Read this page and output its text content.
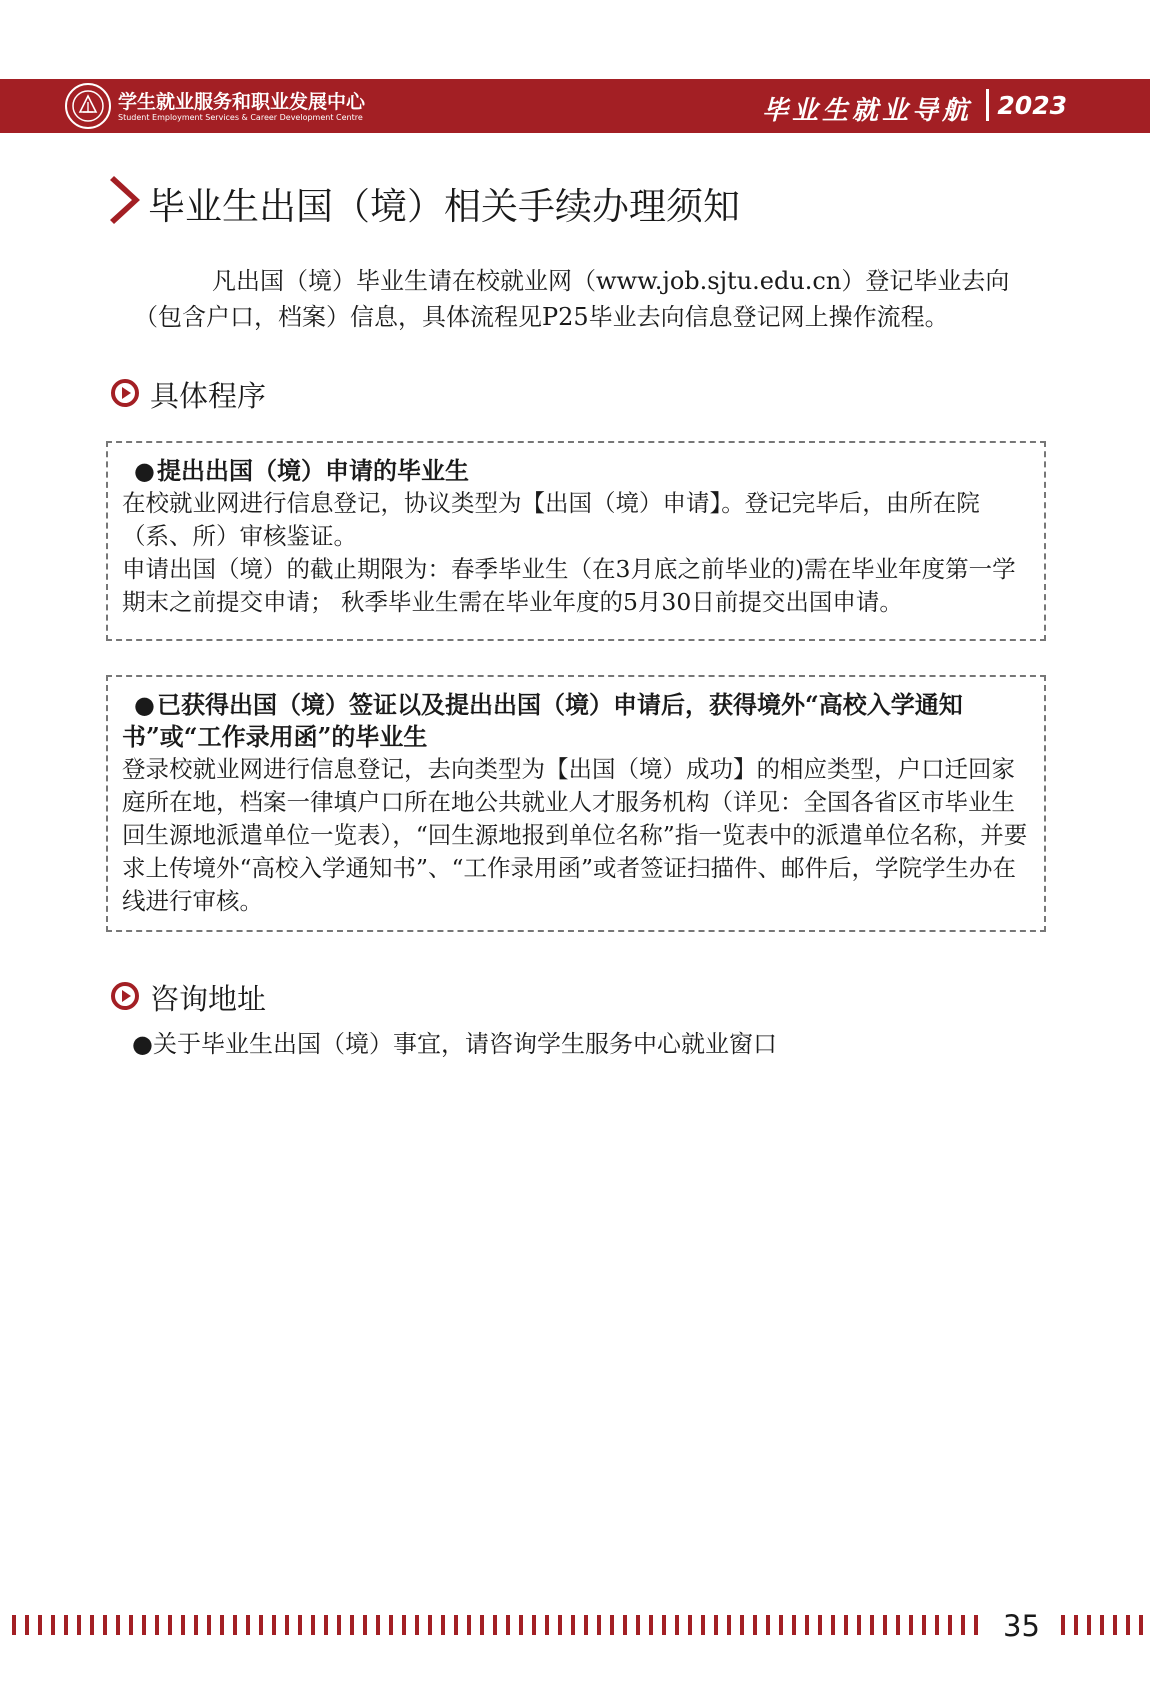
学生就业服务和职业发展中心
Student Employment Services & Career Development Centre	毕业生就业导航 2023
毕业生出国（境）相关手续办理须知

凡出国（境）毕业生请在校就业网（www.job.sjtu.edu.cn）登记毕业去向（包含户口，档案）信息，具体流程见P25毕业去向信息登记网上操作流程。

具体程序
●提出出国（境）申请的毕业生

在校就业网进行信息登记，协议类型为【出国（境）申请】。登记完毕后，由所在院（系、所）审核鉴证。

申请出国（境）的截止期限为：春季毕业生（在3月底之前毕业的)需在毕业年度第一学期末之前提交申请； 秋季毕业生需在毕业年度的5月30日前提交出国申请。

●已获得出国（境）签证以及提出出国（境）申请后，获得境外“高校入学通知书”或“工作录用函”的毕业生

登录校就业网进行信息登记，去向类型为【出国（境）成功】的相应类型，户口迁回家庭所在地，档案一律填户口所在地公共就业人才服务机构（详见：全国各省区市毕业生回生源地派遣单位一览表），“回生源地报到单位名称”指一览表中的派遣单位名称，并要求上传境外“高校入学通知书”、“工作录用函”或者签证扫描件、邮件后，学院学生办在线进行审核。

咨询地址
●关于毕业生出国（境）事宜，请咨询学生服务中心就业窗口
35
